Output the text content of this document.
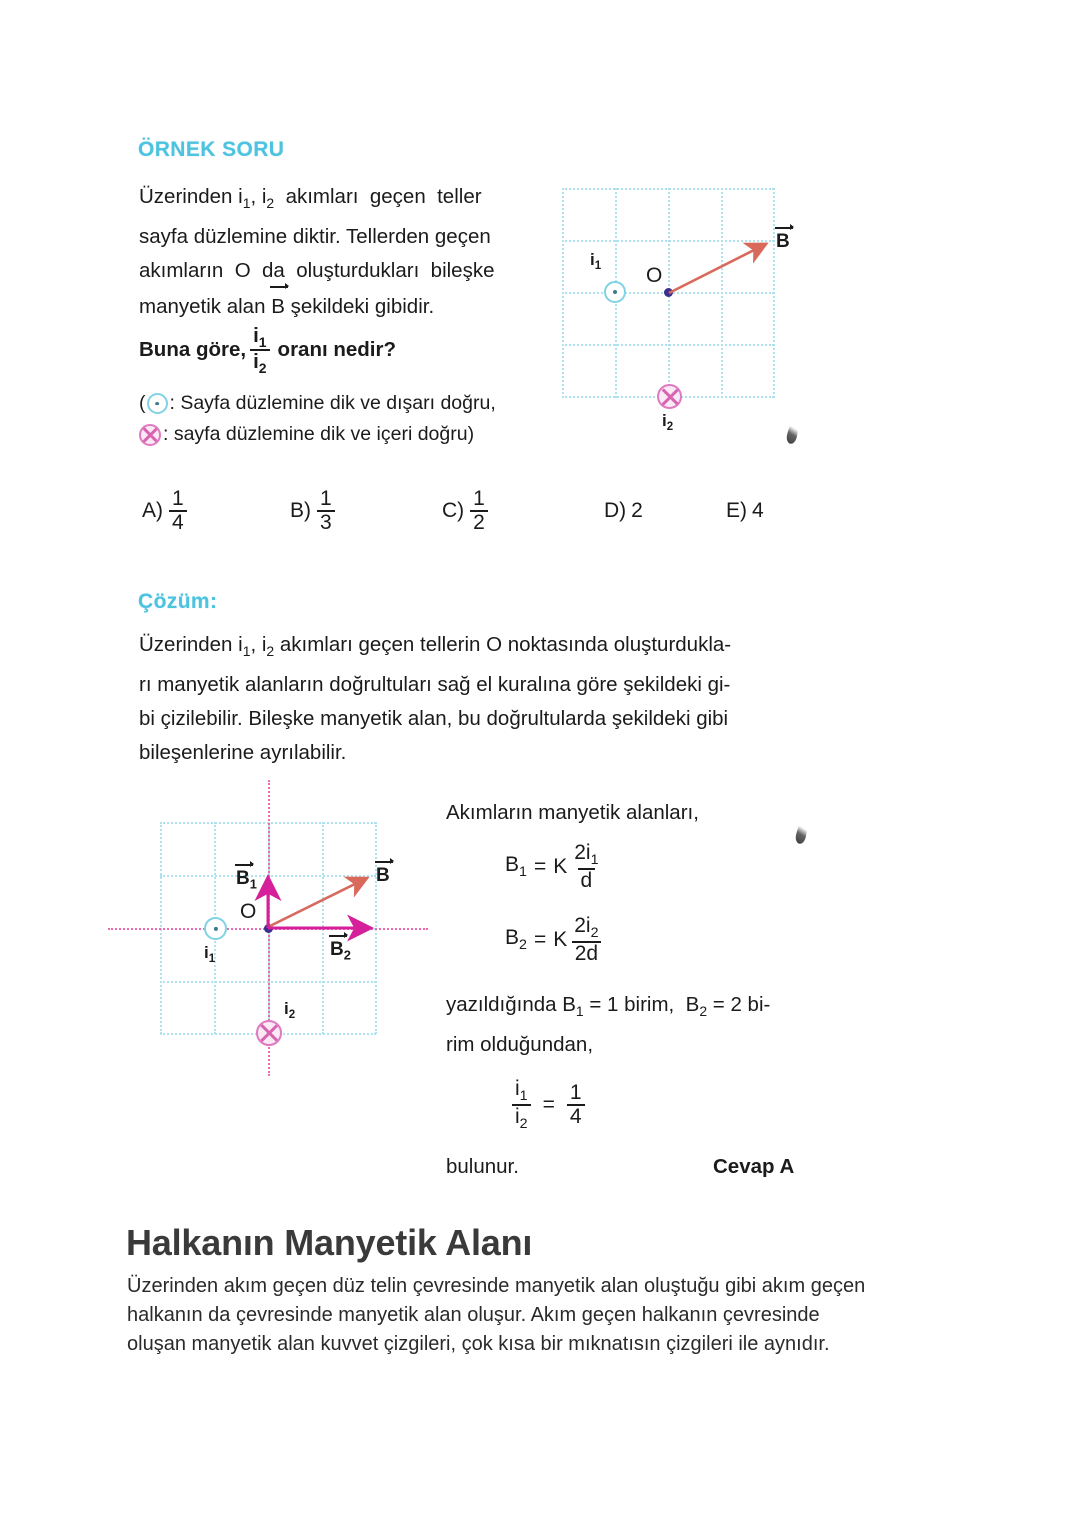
ÖRNEK SORU

Üzerinden $i_1$, $i_2$  akımları  geçen  teller

sayfa düzlemine diktir. Tellerden geçen

akımların  O  da  oluşturdukları  bileşke

manyetik alan B şekildeki gibidir.

Buna göre, $\frac{i_1}{i_2}$ oranı nedir?
( : Sayfa düzlemine dik ve dışarı doğru,
: sayfa düzlemine dik ve içeri doğru)
$i_1$ O
B
$i_2$
$A) \frac{1}{4}$	$B) \frac{1}{3}$	$C) \frac{1}{2}$	D) 2	E) 4
Çözüm:

Üzerinden $i_1$, $i_2$ akımları geçen tellerin O noktasında oluşturdukla-

rı manyetik alanların doğrultuları sağ el kuralına göre şekildeki gi-

bi çizilebilir. Bileşke manyetik alan, bu doğrultularda şekildeki gibi

bileşenlerine ayrılabilir.

$i_1$
O
$B_1$
$B_2$
B
$i_2$
Akımların manyetik alanları,
$B_1 = K \frac{2i_1}{d}$
$B_2 = K \frac{2i_2}{2d}$
yazıldığında $B_1 = 1$ birim,  $B_2 = 2$ bi-
rim olduğundan,
$\frac{i_1}{i_2} = \frac{1}{4}$
bulunur.	Cevap A
Halkanın Manyetik Alanı

Üzerinden akım geçen düz telin çevresinde manyetik alan oluştuğu gibi akım geçen

halkanın da çevresinde manyetik alan oluşur. Akım geçen halkanın çevresinde

oluşan manyetik alan kuvvet çizgileri, çok kısa bir mıknatısın çizgileri ile aynıdır.
